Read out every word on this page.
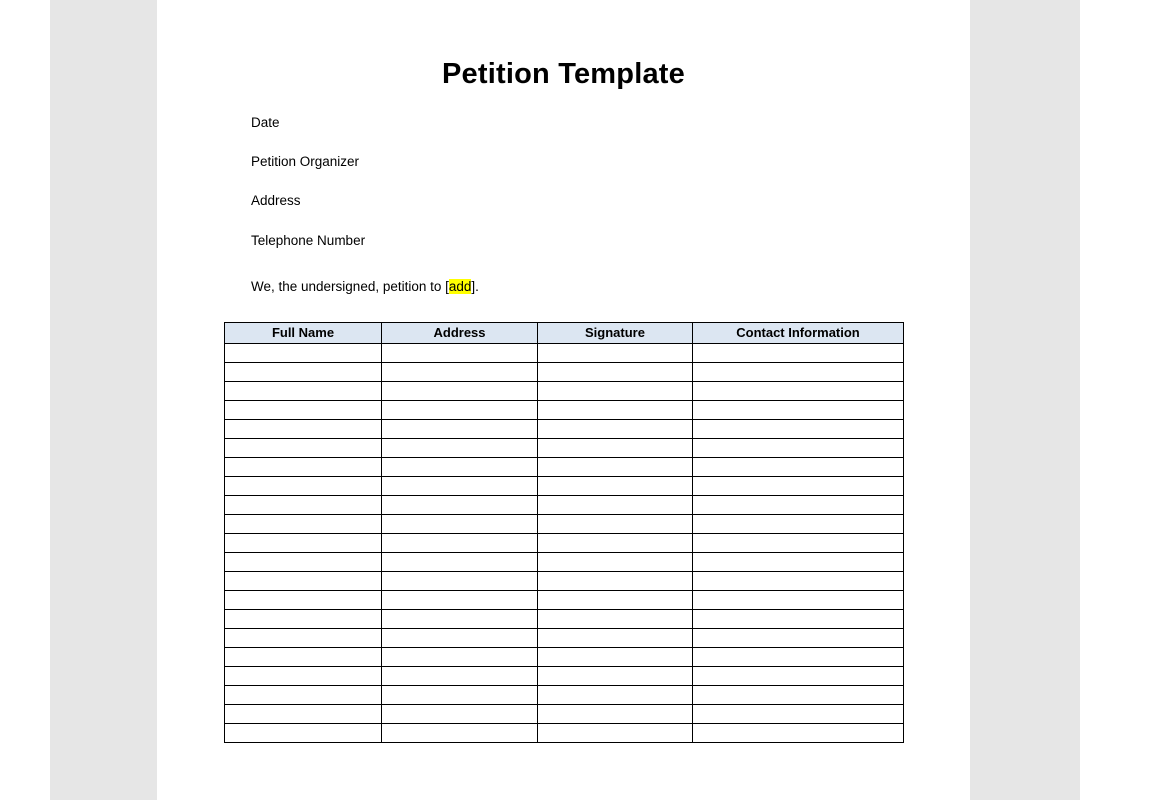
Petition Template
Date
Petition Organizer
Address
Telephone Number

We, the undersigned, petition to [add].

Full Name	Address	Signature	Contact Information
